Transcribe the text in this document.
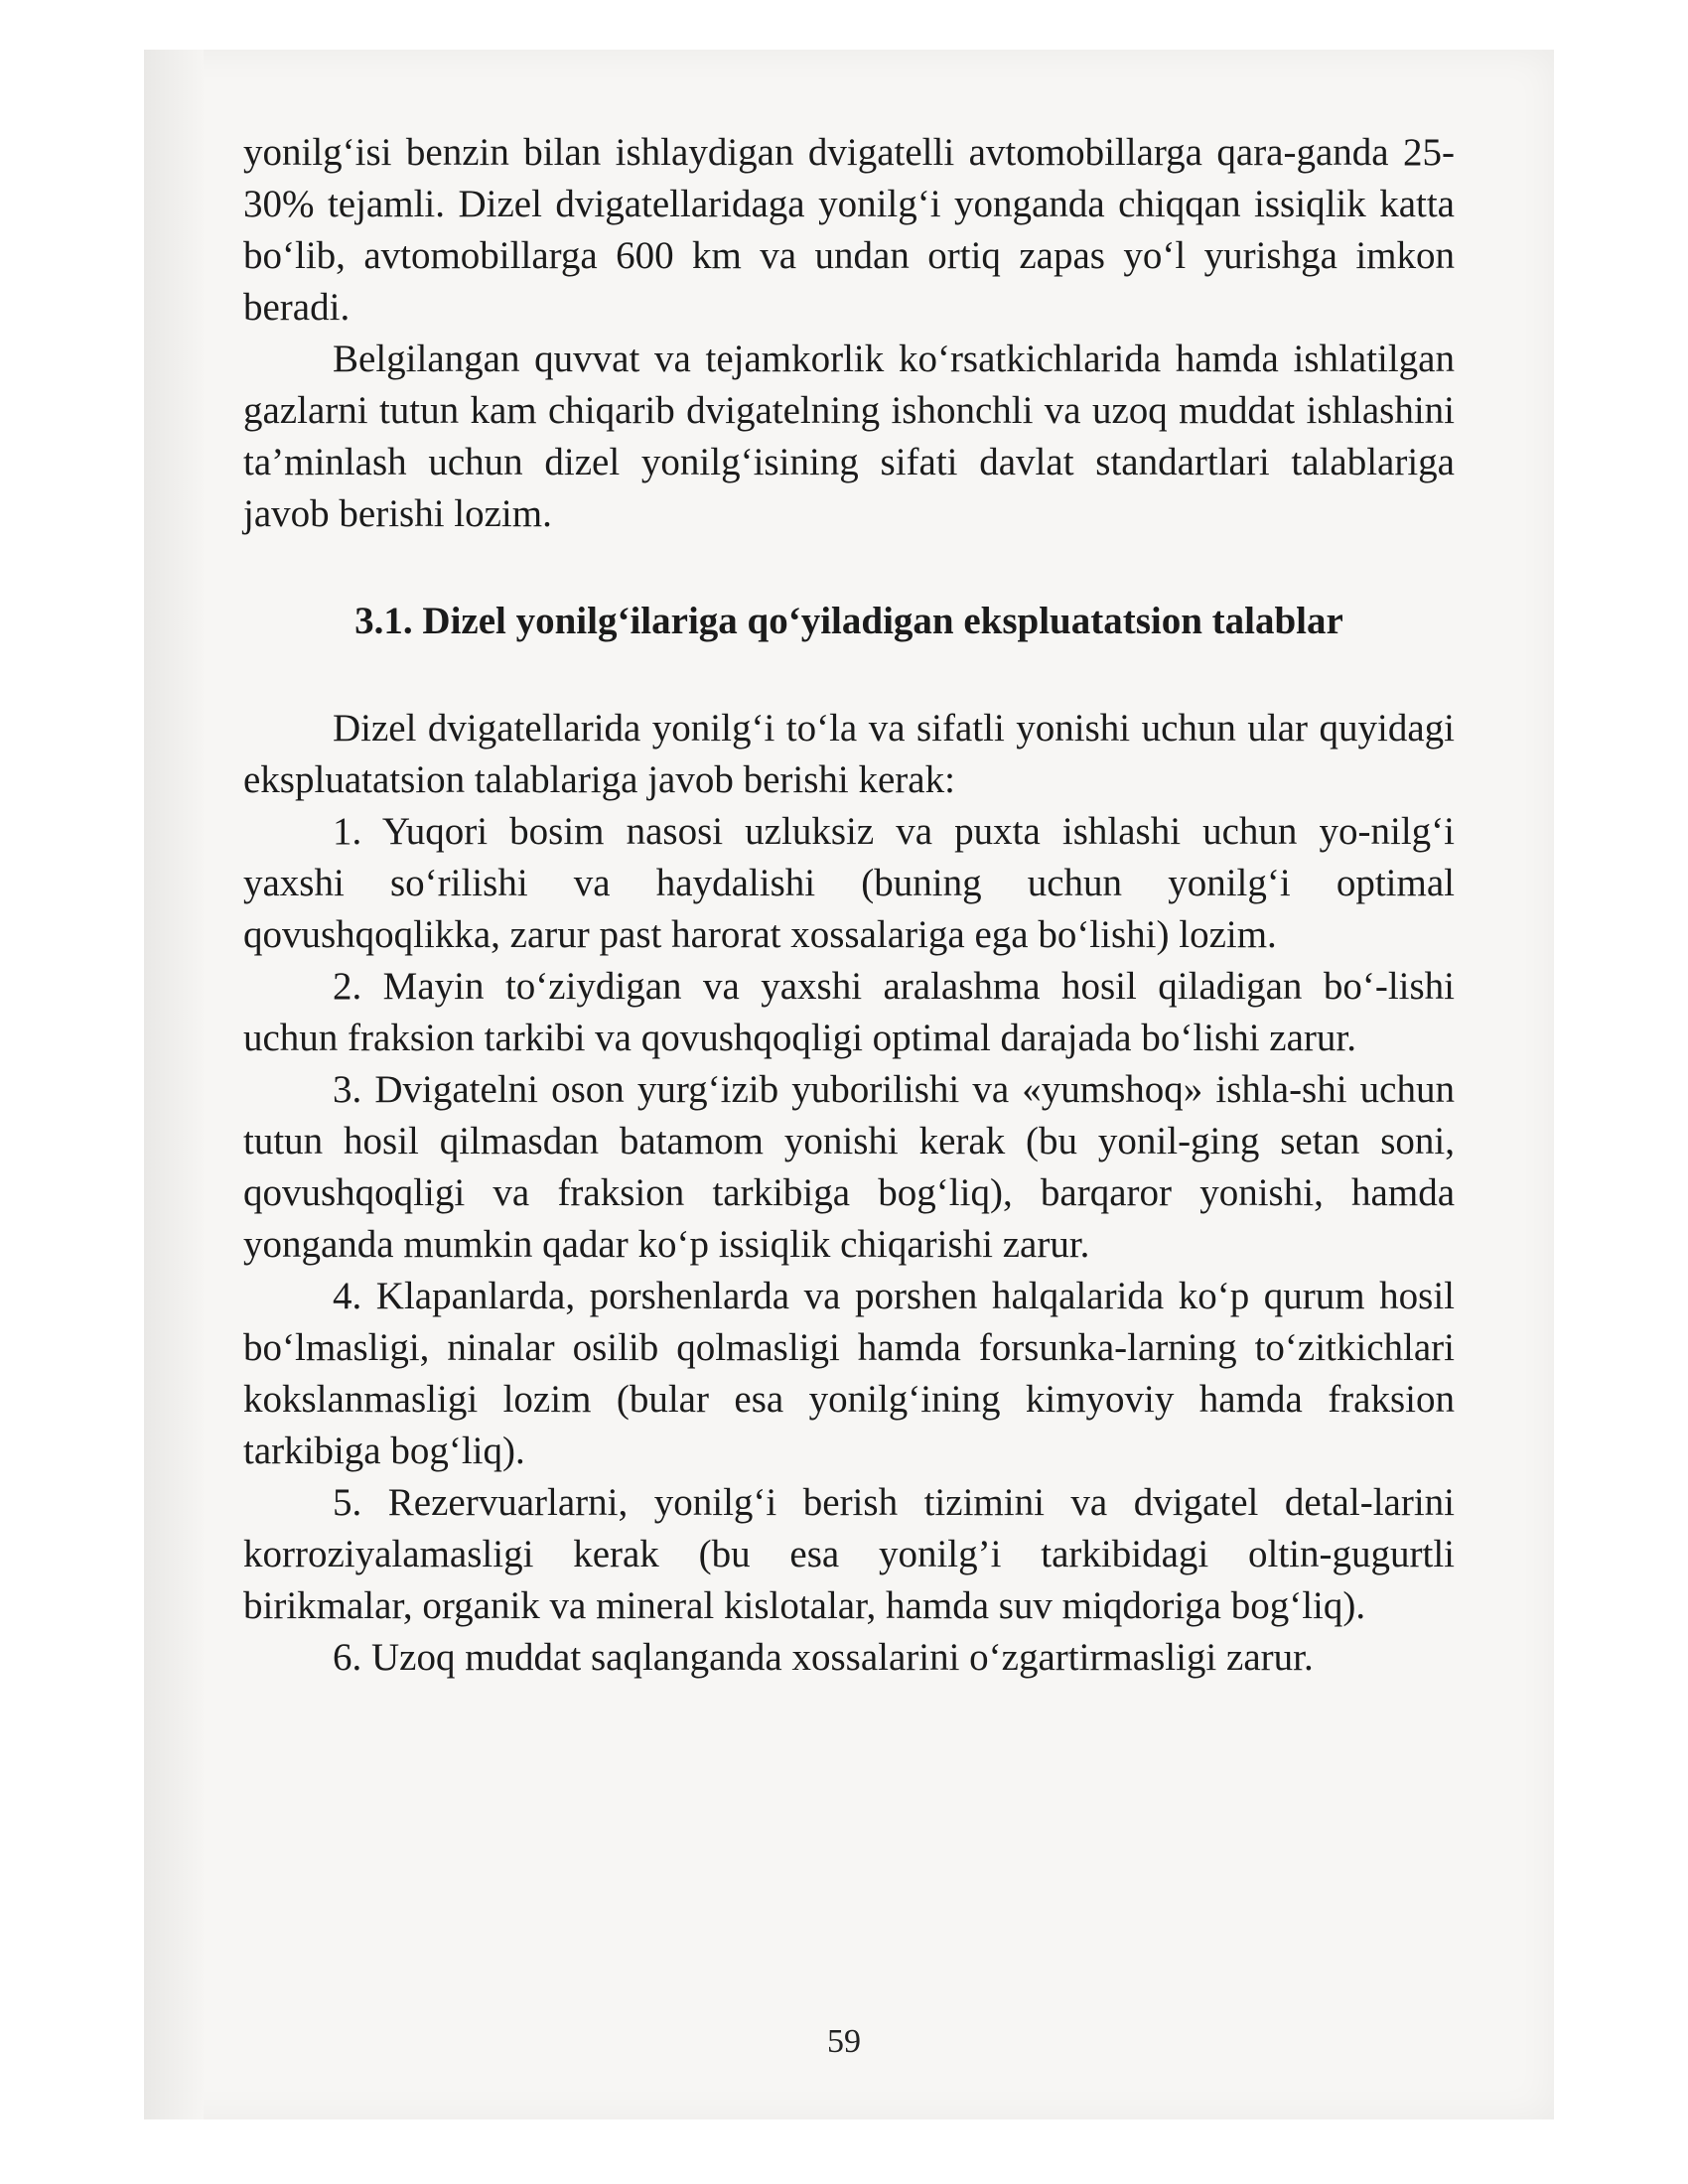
yonilg‘isi benzin bilan ishlaydigan dvigatelli avtomobillarga qara-ganda 25-30% tejamli. Dizel dvigatellaridaga yonilg‘i yonganda chiqqan issiqlik katta bo‘lib, avtomobillarga 600 km va undan ortiq zapas yo‘l yurishga imkon beradi.

Belgilangan quvvat va tejamkorlik ko‘rsatkichlarida hamda ishlatilgan gazlarni tutun kam chiqarib dvigatelning ishonchli va uzoq muddat ishlashini ta’minlash uchun dizel yonilg‘isining sifati davlat standartlari talablariga javob berishi lozim.

3.1. Dizel yonilg‘ilariga qo‘yiladigan ekspluatatsion talablar

Dizel dvigatellarida yonilg‘i to‘la va sifatli yonishi uchun ular quyidagi ekspluatatsion talablariga javob berishi kerak:

1. Yuqori bosim nasosi uzluksiz va puxta ishlashi uchun yo-nilg‘i yaxshi so‘rilishi va haydalishi (buning uchun yonilg‘i optimal qovushqoqlikka, zarur past harorat xossalariga ega bo‘lishi) lozim.

2. Mayin to‘ziydigan va yaxshi aralashma hosil qiladigan bo‘-lishi uchun fraksion tarkibi va qovushqoqligi optimal darajada bo‘lishi zarur.

3. Dvigatelni oson yurg‘izib yuborilishi va «yumshoq» ishla-shi uchun tutun hosil qilmasdan batamom yonishi kerak (bu yonil-ging setan soni, qovushqoqligi va fraksion tarkibiga bog‘liq), barqaror yonishi, hamda yonganda mumkin qadar ko‘p issiqlik chiqarishi zarur.

4. Klapanlarda, porshenlarda va porshen halqalarida ko‘p qurum hosil bo‘lmasligi, ninalar osilib qolmasligi hamda forsunka-larning to‘zitkichlari kokslanmasligi lozim (bular esa yonilg‘ining kimyoviy hamda fraksion tarkibiga bog‘liq).

5. Rezervuarlarni, yonilg‘i berish tizimini va dvigatel detal-larini korroziyalamasligi kerak (bu esa yonilg’i tarkibidagi oltin-gugurtli birikmalar, organik va mineral kislotalar, hamda suv miqdoriga bog‘liq).

6. Uzoq muddat saqlanganda xossalarini o‘zgartirmasligi zarur.

59
